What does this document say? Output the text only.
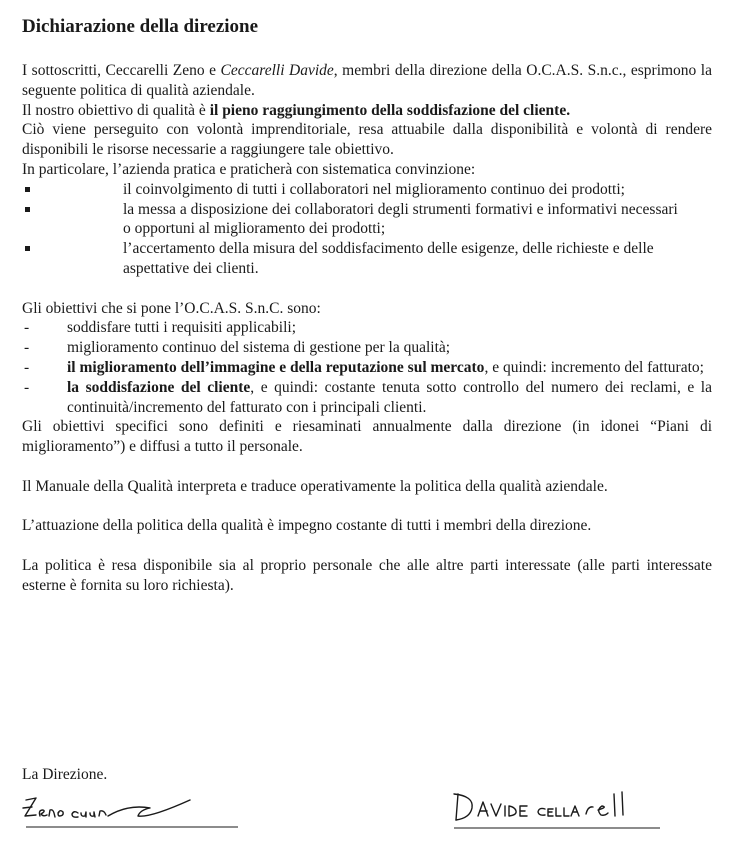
Dichiarazione della direzione

I sottoscritti, Ceccarelli Zeno e Ceccarelli Davide, membri della direzione della O.C.A.S. S.n.c., esprimono la seguente politica di qualità aziendale.

Il nostro obiettivo di qualità è il pieno raggiungimento della soddisfazione del cliente.

Ciò viene perseguito con volontà imprenditoriale, resa attuabile dalla disponibilità e volontà di rendere disponibili le risorse necessarie a raggiungere tale obiettivo.

In particolare, l’azienda pratica e praticherà con sistematica convinzione:

il coinvolgimento di tutti i collaboratori nel miglioramento continuo dei prodotti;
la messa a disposizione dei collaboratori degli strumenti formativi e informativi necessari o opportuni al miglioramento dei prodotti;
l’accertamento della misura del soddisfacimento delle esigenze, delle richieste e delle aspettative dei clienti.

Gli obiettivi che si pone l’O.C.A.S. S.n.C. sono:

-	soddisfare tutti i requisiti applicabili;
-	miglioramento continuo del sistema di gestione per la qualità;
-	il miglioramento dell’immagine e della reputazione sul mercato, e quindi: incremento del fatturato;
-	la soddisfazione del cliente, e quindi: costante tenuta sotto controllo del numero dei reclami, e la continuità/incremento del fatturato con i principali clienti.

Gli obiettivi specifici sono definiti e riesaminati annualmente dalla direzione (in idonei “Piani di miglioramento”) e diffusi a tutto il personale.

Il Manuale della Qualità interpreta e traduce operativamente la politica della qualità aziendale.

L’attuazione della politica della qualità è impegno costante di tutti i membri della direzione.

La politica è resa disponibile sia al proprio personale che alle altre parti interessate (alle parti interessate esterne è fornita su loro richiesta).

La Direzione.
